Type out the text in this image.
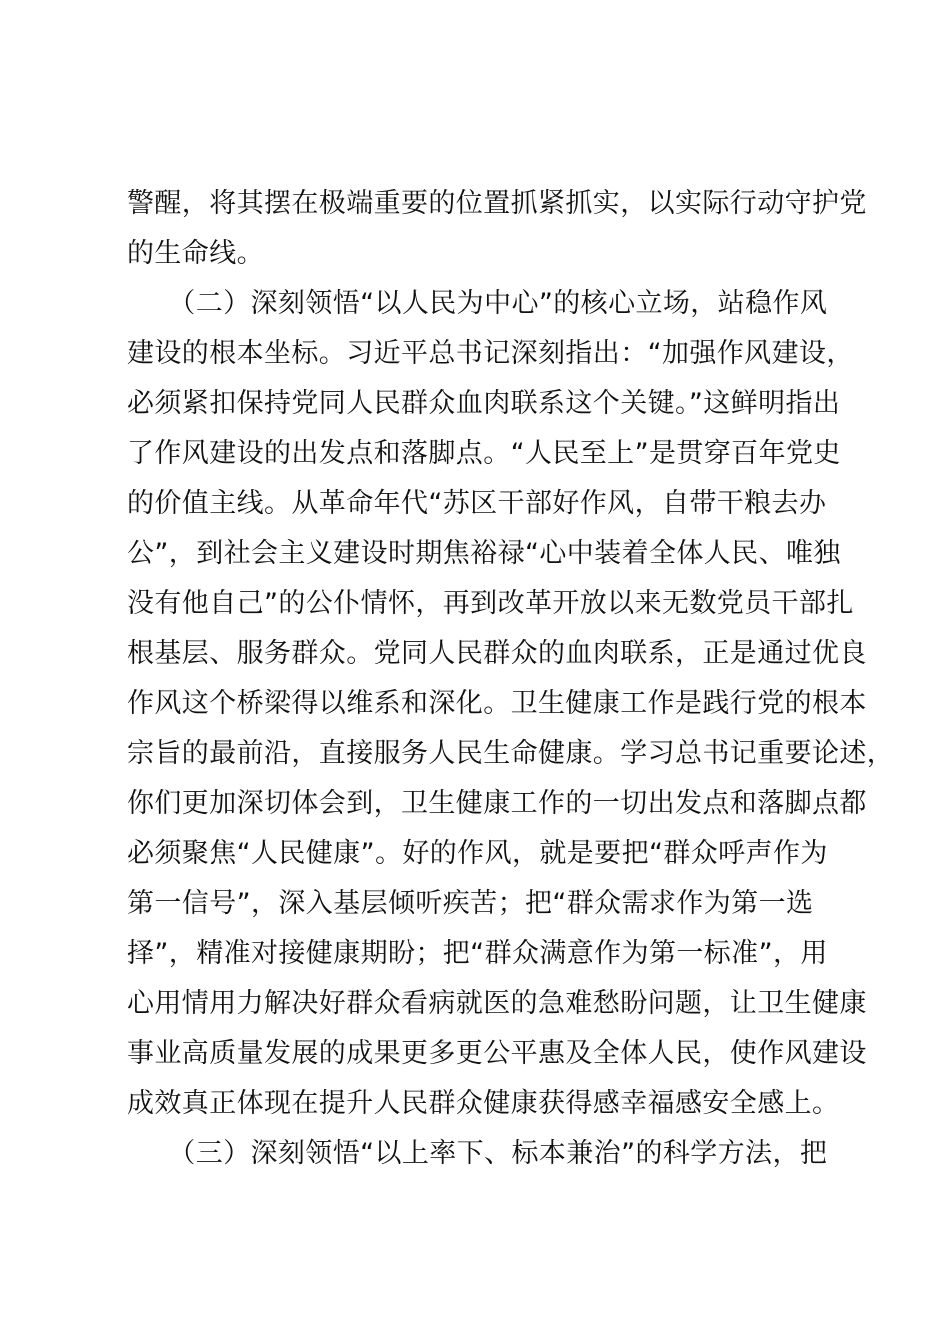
警醒，将其摆在极端重要的位置抓紧抓实，以实际行动守护党
的生命线。
　　（二）深刻领悟“以人民为中心”的核心立场，站稳作风
建设的根本坐标。习近平总书记深刻指出：“加强作风建设，
必须紧扣保持党同人民群众血肉联系这个关键。”这鲜明指出
了作风建设的出发点和落脚点。“人民至上”是贯穿百年党史
的价值主线。从革命年代“苏区干部好作风，自带干粮去办
公”，到社会主义建设时期焦裕禄“心中装着全体人民、唯独
没有他自己”的公仆情怀，再到改革开放以来无数党员干部扎
根基层、服务群众。党同人民群众的血肉联系，正是通过优良
作风这个桥梁得以维系和深化。卫生健康工作是践行党的根本
宗旨的最前沿，直接服务人民生命健康。学习总书记重要论述，
你们更加深切体会到，卫生健康工作的一切出发点和落脚点都
必须聚焦“人民健康”。好的作风，就是要把“群众呼声作为
第一信号”，深入基层倾听疾苦；把“群众需求作为第一选
择”，精准对接健康期盼；把“群众满意作为第一标准”，用
心用情用力解决好群众看病就医的急难愁盼问题，让卫生健康
事业高质量发展的成果更多更公平惠及全体人民，使作风建设
成效真正体现在提升人民群众健康获得感幸福感安全感上。
　　（三）深刻领悟“以上率下、标本兼治”的科学方法，把
